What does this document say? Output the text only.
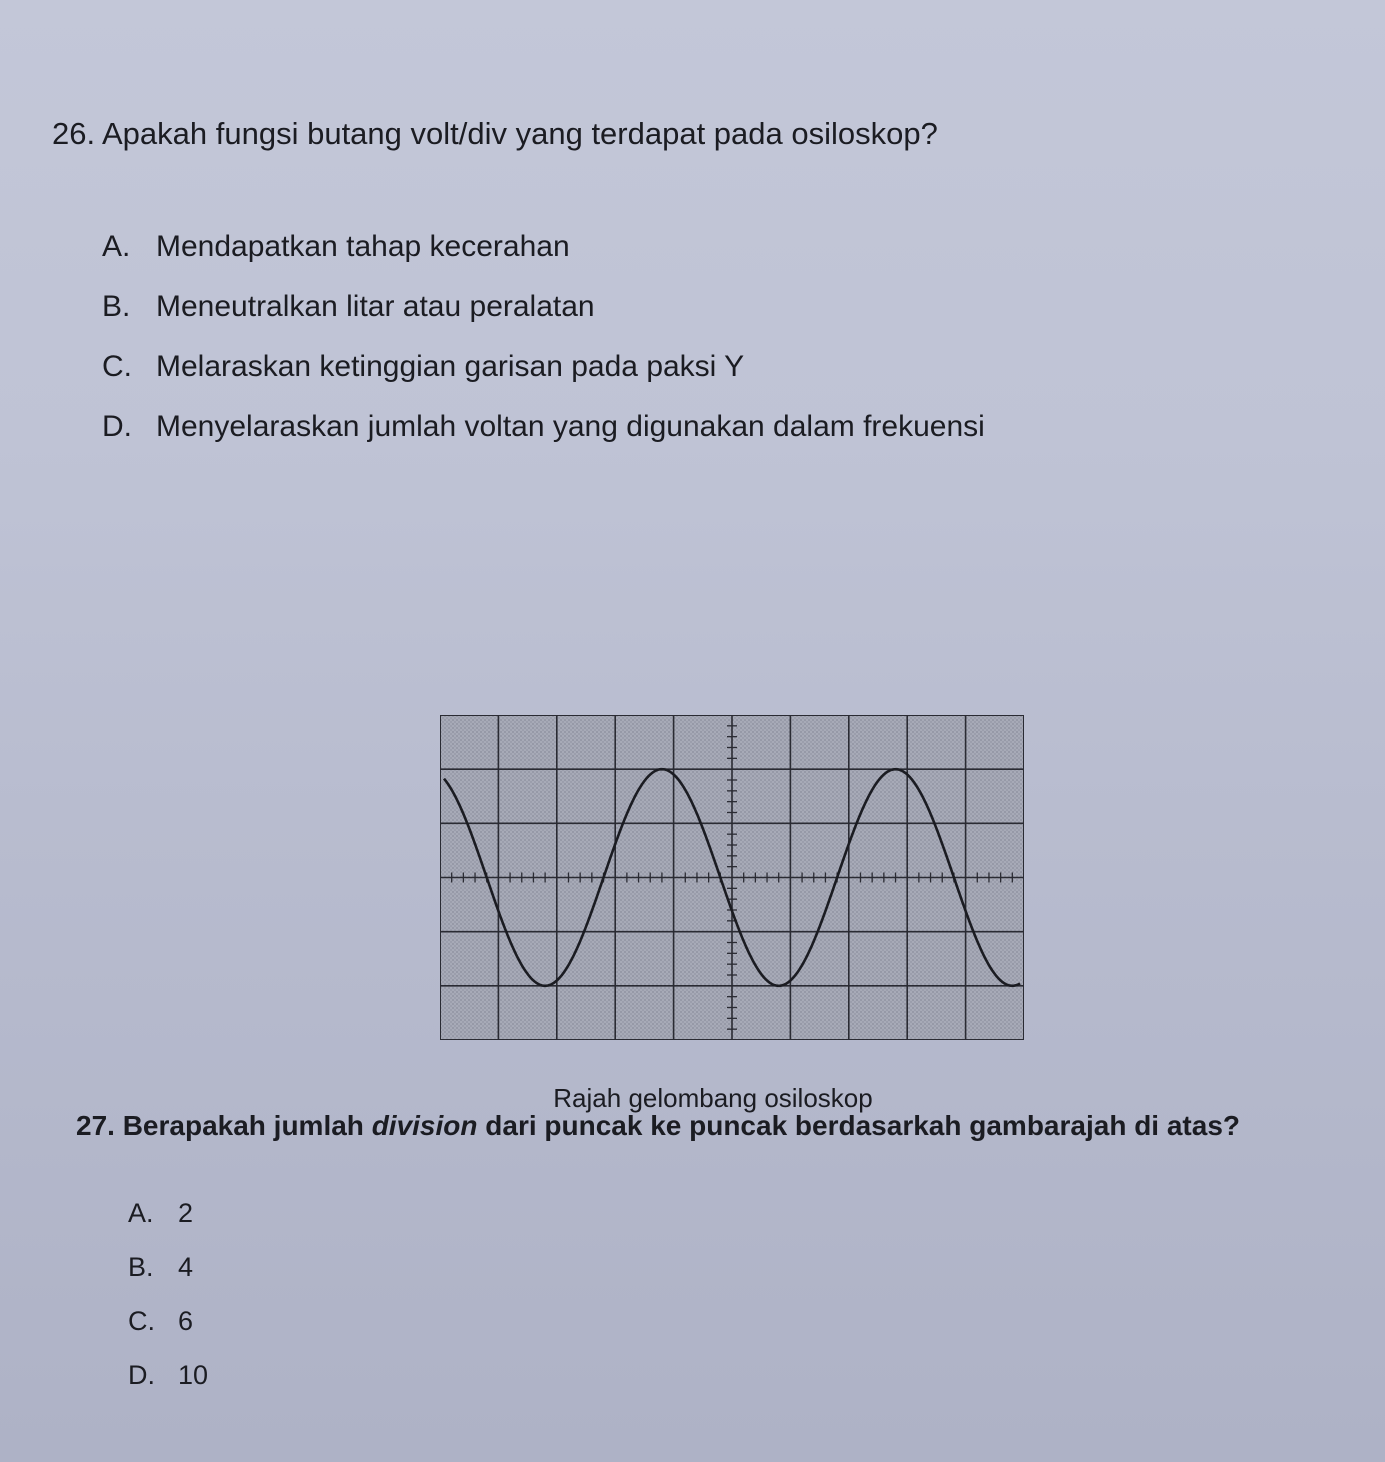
26. Apakah fungsi butang volt/div yang terdapat pada osiloskop?

A. Mendapatkan tahap kecerahan

B. Meneutralkan litar atau peralatan

C. Melaraskan ketinggian garisan pada paksi Y

D. Menyelaraskan jumlah voltan yang digunakan dalam frekuensi

Rajah gelombang osiloskop

27. Berapakah jumlah division dari puncak ke puncak berdasarkah gambarajah di atas?

A. 2

B. 4

C. 6

D. 10
